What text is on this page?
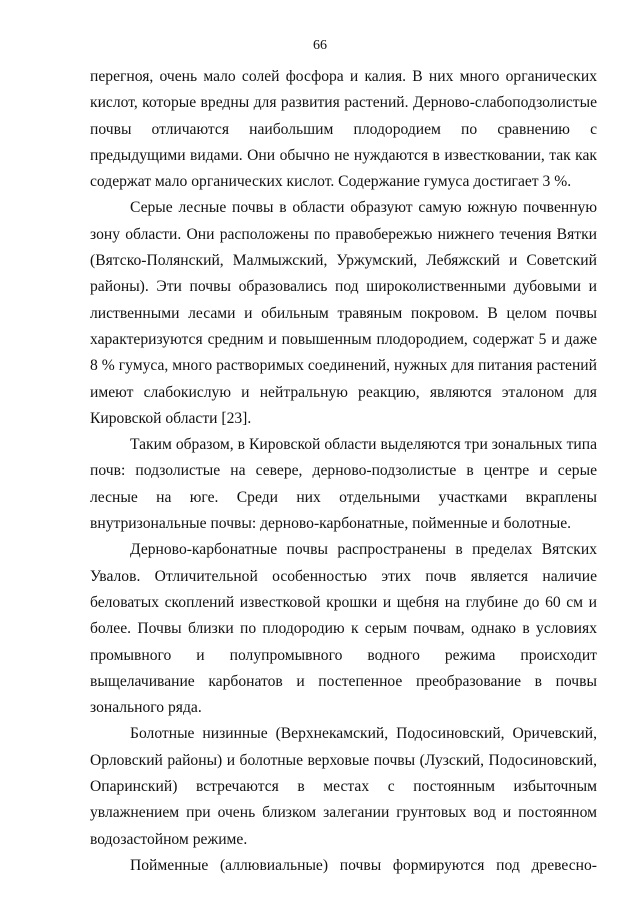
66

перегноя, очень мало солей фосфора и калия. В них много органических кислот, которые вредны для развития растений. Дерново-слабоподзолистые почвы отличаются наибольшим плодородием по сравнению с предыдущими видами. Они обычно не нуждаются в известковании, так как содержат мало органических кислот. Содержание гумуса достигает 3 %.

Серые лесные почвы в области образуют самую южную почвенную зону области. Они расположены по правобережью нижнего течения Вятки (Вятско-Полянский, Малмыжский, Уржумский, Лебяжский и Советский районы). Эти почвы образовались под широколиственными дубовыми и лиственными лесами и обильным травяным покровом. В целом почвы характеризуются средним и повышенным плодородием, содержат 5 и даже 8 % гумуса, много растворимых соединений, нужных для питания растений имеют слабокислую и нейтральную реакцию, являются эталоном для Кировской области [23].

Таким образом, в Кировской области выделяются три зональных типа почв: подзолистые на севере, дерново-подзолистые в центре и серые лесные на юге. Среди них отдельными участками вкраплены внутризональные почвы: дерново-карбонатные, пойменные и болотные.

Дерново-карбонатные почвы распространены в пределах Вятских Увалов. Отличительной особенностью этих почв является наличие беловатых скоплений известковой крошки и щебня на глубине до 60 см и более. Почвы близки по плодородию к серым почвам, однако в условиях промывного и полупромывного водного режима происходит выщелачивание карбонатов и постепенное преобразование в почвы зонального ряда.

Болотные низинные (Верхнекамский, Подосиновский, Оричевский, Орловский районы) и болотные верховые почвы (Лузский, Подосиновский, Опаринский) встречаются в местах с постоянным избыточным увлажнением при очень близком залегании грунтовых вод и постоянном водозастойном режиме.

Пойменные (аллювиальные) почвы формируются под древесно-
